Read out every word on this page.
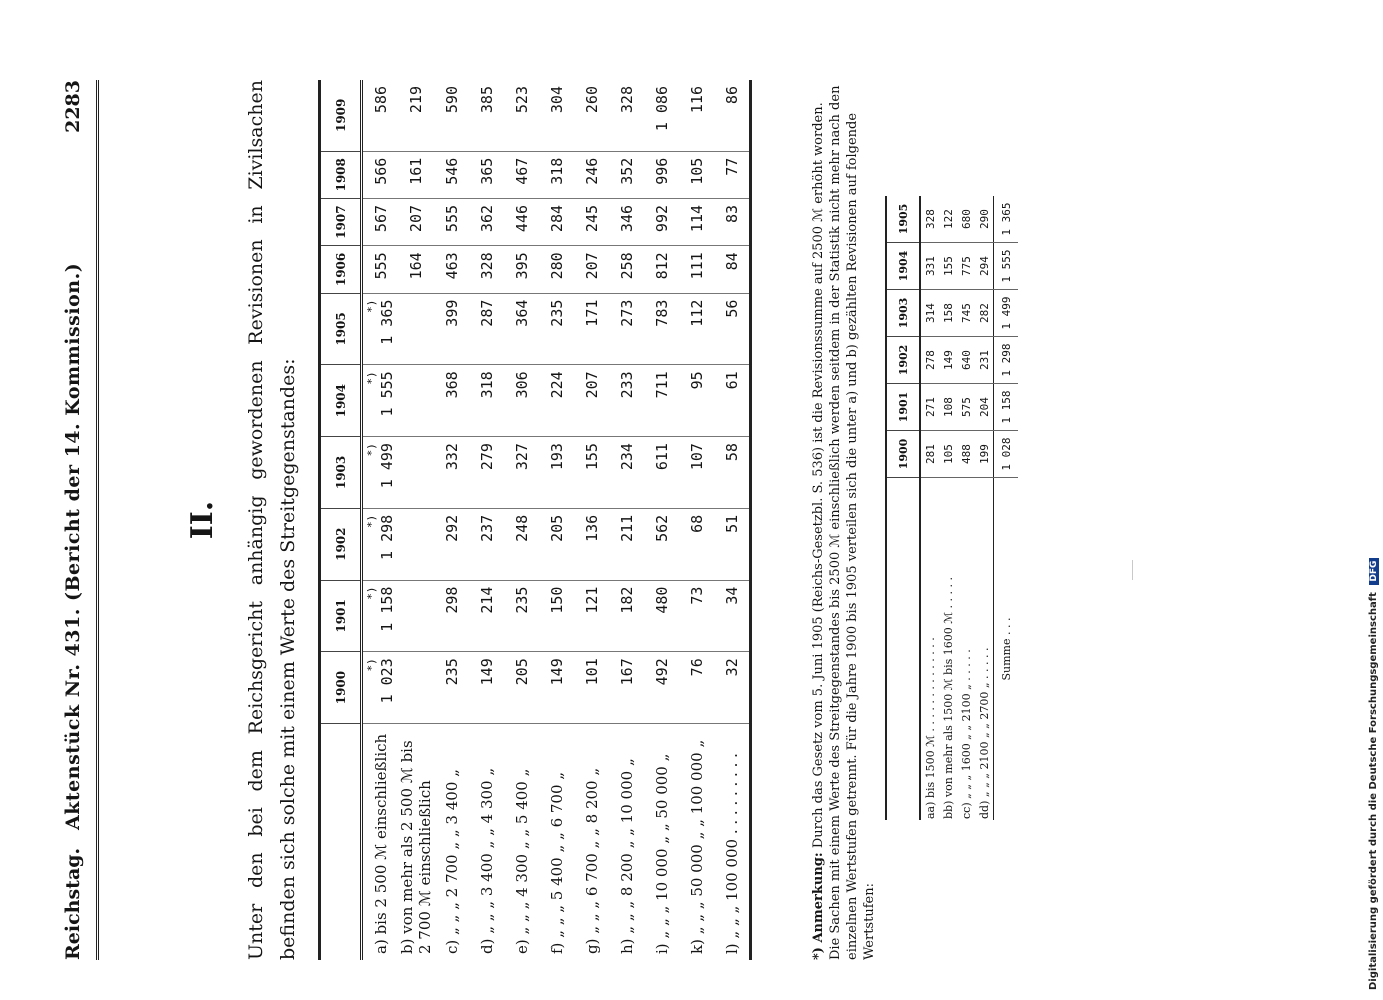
Reichstag.
Aktenstück Nr. 431. (Bericht der 14. Kommission.)
2283
II. Unter den bei dem Reichsgericht anhängig gewordenen Revisionen in Zivilsachen befinden sich solche mit einem Werte des Streitgegenstandes:
		1900	1901	1902	1903	1904	1905	1906	1907	1908	1909
a) bis 2 500 ℳ einschließlich	*) 1 023	*) 1 158	*) 1 298	*) 1 499	*) 1 555	*) 1 365	555	567	566	586
b) von mehr als 2 500 ℳ bis 2 700 ℳ einschließlich							164	207	161	219
c) „ „ „ 2 700 „ „ 3 400 „	235	298	292	332	368	399	463	555	546	590
d) „ „ „ 3 400 „ „ 4 300 „	149	214	237	279	318	287	328	362	365	385
e) „ „ „ 4 300 „ „ 5 400 „	205	235	248	327	306	364	395	446	467	523
f) „ „ „ 5 400 „ „ 6 700 „	149	150	205	193	224	235	280	284	318	304
g) „ „ „ 6 700 „ „ 8 200 „	101	121	136	155	207	171	207	245	246	260
h) „ „ „ 8 200 „ „ 10 000 „	167	182	211	234	233	273	258	346	352	328
i) „ „ „ 10 000 „ „ 50 000 „	492	480	562	611	711	783	812	992	996	1 086
k) „ „ „ 50 000 „ „ 100 000 „	76	73	68	107	95	112	111	114	105	116
l) „ „ „ 100 000 . . . . . . . . .	32	34	51	58	61	56	84	83	77	86
*) Anmerkung: Durch das Gesetz vom 5. Juni 1905 (Reichs-Gesetzbl. S. 536) ist die Revisionssumme auf 2500 ℳ erhöht worden. Die Sachen mit einem Werte des Streitgegenstandes bis 2500 ℳ einschließlich werden seitdem in der Statistik nicht mehr nach den einzelnen Wertstufen getrennt. Für die Jahre 1900 bis 1905 verteilen sich die unter a) und b) gezählten Revisionen auf folgende Wertstufen:
	1900	1901	1902	1903	1904	1905
aa) bis 1500 ℳ . . . . . . . . . . . . . .	281	271	278	314	331	328
bb) von mehr als 1500 ℳ bis 1600 ℳ . . . . .	105	108	149	158	155	122
cc) „ „ „ 1600 „ „ 2100 „ . . . . .	488	575	640	745	775	680
dd) „ „ „ 2100 „ „ 2700 „ . . . . .	199	204	231	282	294	290
Summe . . .	1 028	1 158	1 298	1 499	1 555	1 365
Digitalisierung gefördert durch die Deutsche Forschungsgemeinschaft DFG
